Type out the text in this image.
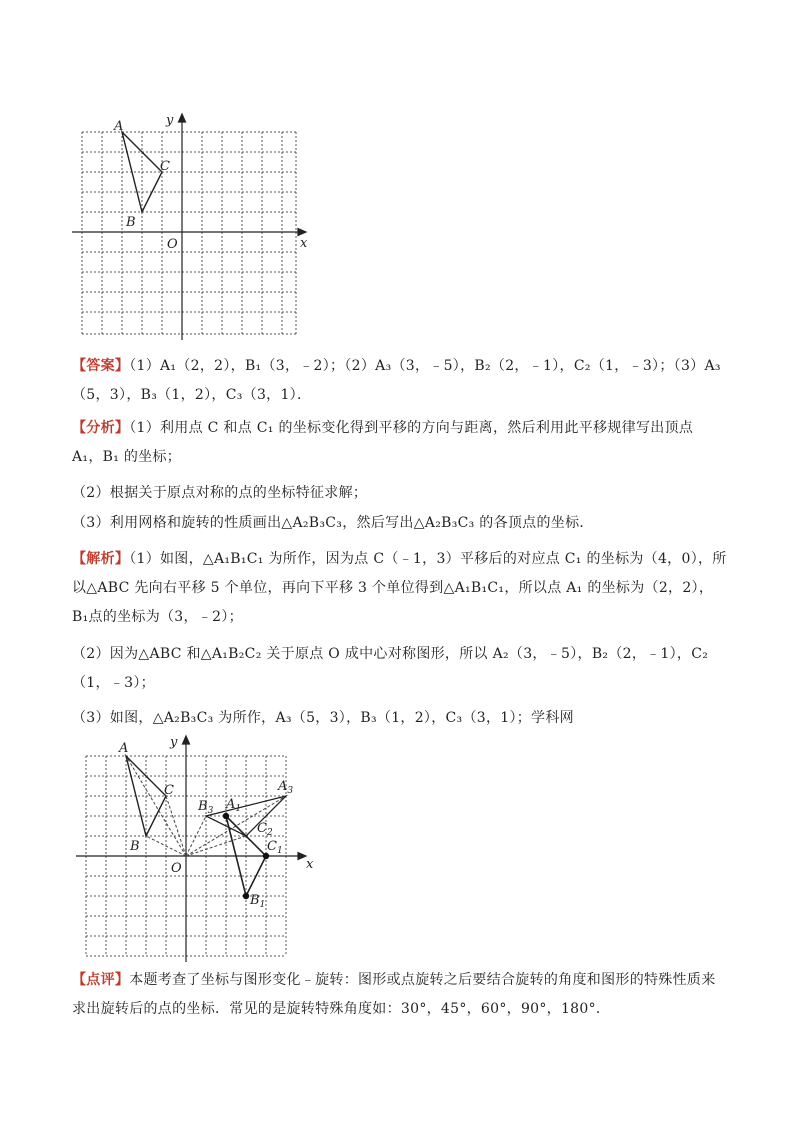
A
B
C
O	x
y
【答案】（1）A₁（2，2），B₁（3，﹣2）；（2）A₃（3，﹣5），B₂（2，﹣1），C₂（1，﹣3）；（3）A₃（5，3），B₃（1，2），C₃（3，1）．
【分析】（1）利用点 C 和点 C₁ 的坐标变化得到平移的方向与距离，然后利用此平移规律写出顶点 A₁，B₁ 的坐标；
（2）根据关于原点对称的点的坐标特征求解；
（3）利用网格和旋转的性质画出△A₂B₃C₃，然后写出△A₂B₃C₃ 的各顶点的坐标．
【解析】（1）如图，△A₁B₁C₁ 为所作，因为点 C（﹣1，3）平移后的对应点 C₁ 的坐标为（4，0），所以△ABC 先向右平移 5 个单位，再向下平移 3 个单位得到△A₁B₁C₁，所以点 A₁ 的坐标为（2，2），B₁点的坐标为（3，﹣2）；
（2）因为△ABC 和△A₁B₂C₂ 关于原点 O 成中心对称图形，所以 A₂（3，﹣5），B₂（2，﹣1），C₂（1，﹣3）；
（3）如图，△A₂B₃C₃ 为所作，A₃（5，3），B₃（1，2），C₃（3，1）；学科网
A
B
C
O	x
y
$B_3$ $A_1$
$A_3$
$C_2$
$C_1$
$B_1$
【点评】本题考查了坐标与图形变化﹣旋转：图形或点旋转之后要结合旋转的角度和图形的特殊性质来求出旋转后的点的坐标．常见的是旋转特殊角度如：30°，45°，60°，90°，180°．
